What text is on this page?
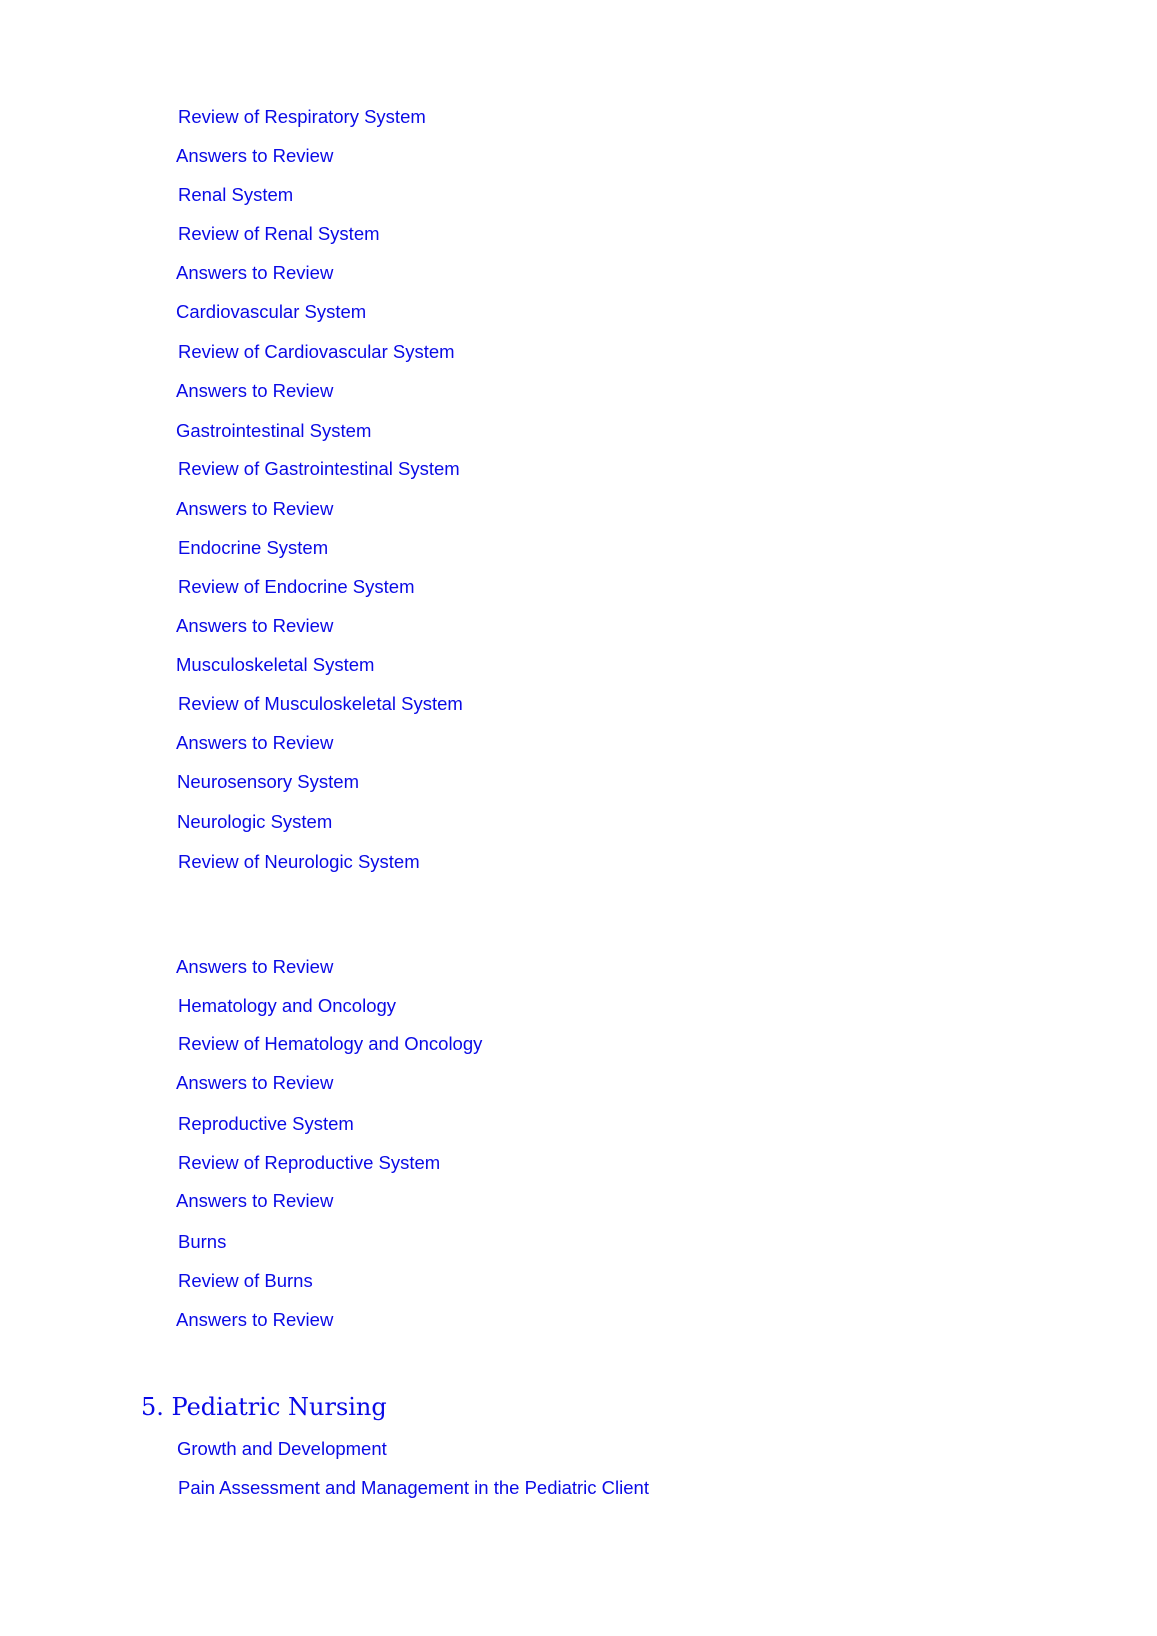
Review of Respiratory System
Answers to Review
Renal System
Review of Renal System
Answers to Review
Cardiovascular System
Review of Cardiovascular System
Answers to Review
Gastrointestinal System
Review of Gastrointestinal System
Answers to Review
Endocrine System
Review of Endocrine System
Answers to Review
Musculoskeletal System
Review of Musculoskeletal System
Answers to Review
Neurosensory System
Neurologic System
Review of Neurologic System
Answers to Review
Hematology and Oncology
Review of Hematology and Oncology
Answers to Review
Reproductive System
Review of Reproductive System
Answers to Review
Burns
Review of Burns
Answers to Review
5. Pediatric Nursing
Growth and Development
Pain Assessment and Management in the Pediatric Client
